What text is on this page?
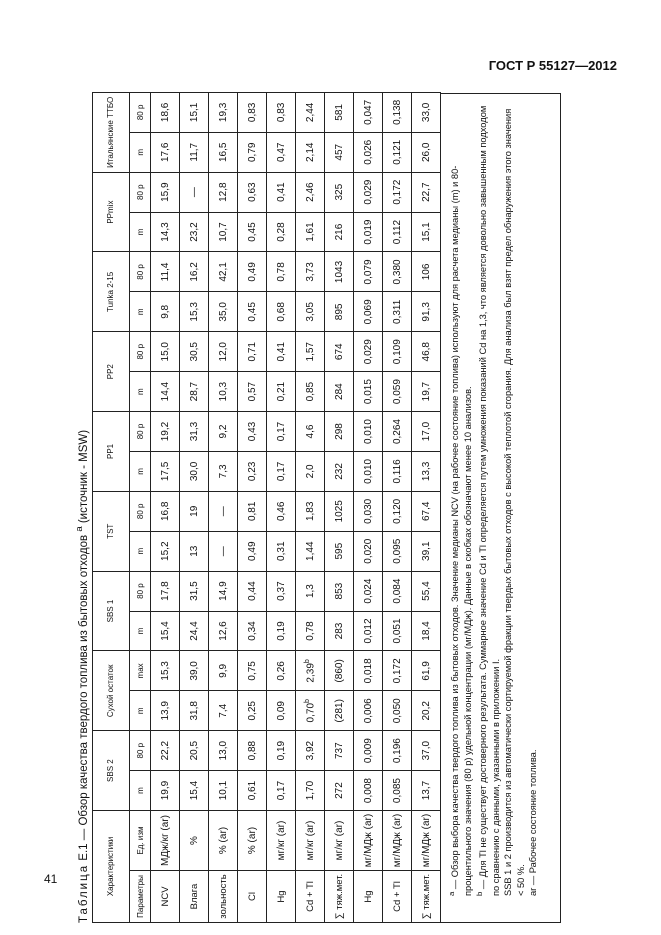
ГОСТ Р 55127—2012
Таблица Е.1 — Обзор качества твердого топлива из бытовых отходов $^a$ (источник - MSW)
Характеристики		SBS 2		Сухой остаток		SBS 1		TST		PP1		PP2		Tunka 2-15		PPmix		Итальянские ТТБО	
Параметры	Ед. изм	m	80 p	m	max	m	80 p	m	80 p	m	80 p	m	80 p	m	80 p	m	80 p	m	80 p
NCV	МДж/кг (ar)	19,9	22,2	13,9	15,3	15,4	17,8	15,2	16,8	17,5	19,2	14,4	15,0	9,8	11,4	14,3	15,9	17,6	18,6
Влага	%	15,4	20,5	31,8	39,0	24,4	31,5	13	19	30,0	31,3	28,7	30,5	15,3	16,2	23,2	—	11,7	15,1
зольность	% (ar)	10,1	13,0	7,4	9,9	12,6	14,9	—	—	7,3	9,2	10,3	12,0	35,0	42,1	10,7	12,8	16,5	19,3
Cl	% (ar)	0,61	0,88	0,25	0,75	0,34	0,44	0,49	0,81	0,23	0,43	0,57	0,71	0,45	0,49	0,45	0,63	0,79	0,83
Hg	мг/кг (ar)	0,17	0,19	0,09	0,26	0,19	0,37	0,31	0,46	0,17	0,17	0,21	0,41	0,68	0,78	0,28	0,41	0,47	0,83
Cd + Tl	мг/кг (ar)	1,70	3,92	0,70$^b$	2,39$^b$	0,78	1,3	1,44	1,83	2,0	4,6	0,85	1,57	3,05	3,73	1,61	2,46	2,14	2,44
∑ тяж.мет.	мг/кг (ar)	272	737	(281)	(860)	283	853	595	1025	232	298	284	674	895	1043	216	325	457	581
Hg	мг/МДж (ar)	0,008	0,009	0,006	0,018	0,012	0,024	0,020	0,030	0,010	0,010	0,015	0,029	0,069	0,079	0,019	0,029	0,026	0,047
Cd + Tl	мг/МДж (ar)	0,085	0,196	0,050	0,172	0,051	0,084	0,095	0,120	0,116	0,264	0,059	0,109	0,311	0,380	0,112	0,172	0,121	0,138
∑ тяж.мет.	мг/МДж (ar)	13,7	37,0	20,2	61,9	18,4	55,4	39,1	67,4	13,3	17,0	19,7	46,8	91,3	106	15,1	22,7	26,0	33,0

$^a$ — Обзор выбора качества твердого топлива из бытовых отходов. Значение медианы NCV (на рабочее состояние топлива) используют для расчета медианы (m) и 80-процентильного значения (80 p) удельной концентрации (мг/МДж). Данные в скобках обозначают менее 10 анализов. $^b$ — Для Tl не существует достоверного результата. Суммарное значение Cd и Tl определяется путем умножения показаний Cd на 1,3, что является довольно завышенным подходом по сравнению с данными, указанными в приложении I. SSB 1 и 2 производится из автоматически сортируемой фракции твердых бытовых отходов с высокой теплотой сгорания. Для анализа был взят предел обнаружения этого значения < 50 %. ar — Рабочее состояние топлива.

41
